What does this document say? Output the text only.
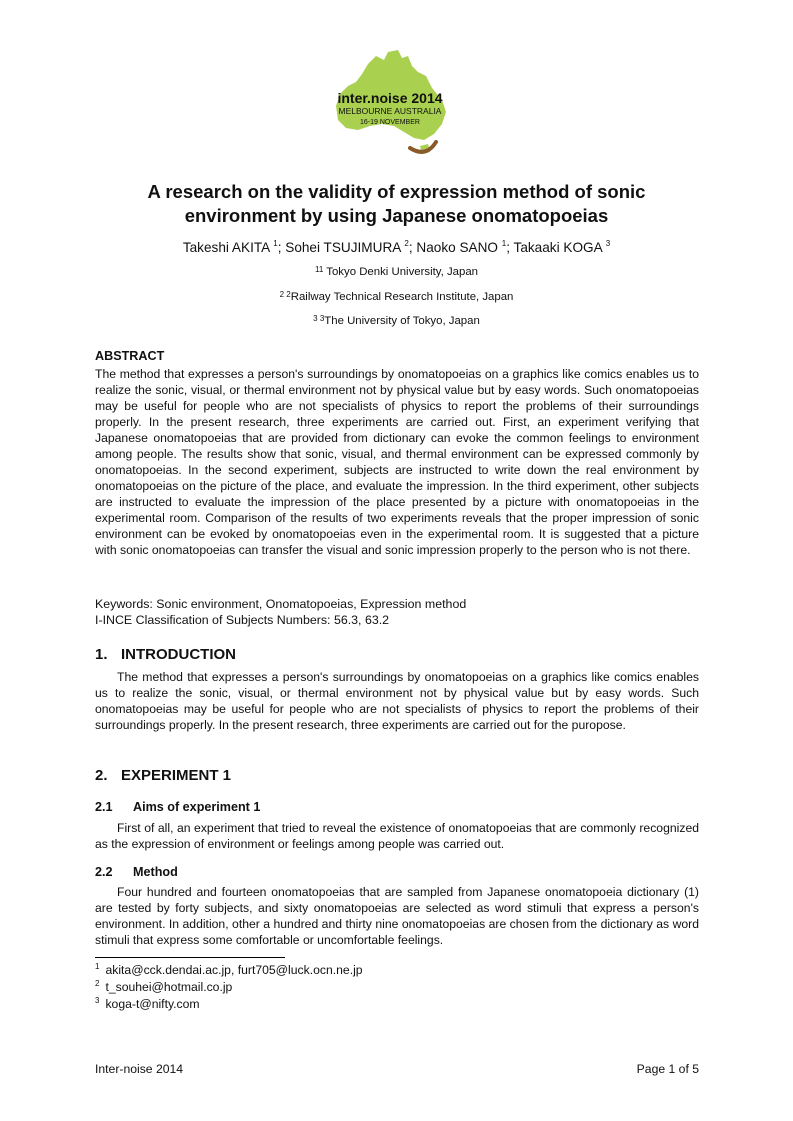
inter.noise 2014
MELBOURNE AUSTRALIA
16-19 NOVEMBER
A research on the validity of expression method of sonic
environment by using Japanese onomatopoeias
Takeshi AKITA $^1$; Sohei TSUJIMURA $^2$; Naoko SANO $^1$; Takaaki KOGA $^3$
$^{11}$ Tokyo Denki University, Japan
$^{2 2}$Railway Technical Research Institute, Japan
$^{3 3}$The University of Tokyo, Japan
ABSTRACT

The method that expresses a person's surroundings by onomatopoeias on a graphics like comics enables us to realize the sonic, visual, or thermal environment not by physical value but by easy words. Such onomatopoeias may be useful for people who are not specialists of physics to report the problems of their surroundings properly. In the present research, three experiments are carried out. First, an experiment verifying that Japanese onomatopoeias that are provided from dictionary can evoke the common feelings to environment among people. The results show that sonic, visual, and thermal environment can be expressed commonly by onomatopoeias. In the second experiment, subjects are instructed to write down the real environment by onomatopoeias on the picture of the place, and evaluate the impression. In the third experiment, other subjects are instructed to evaluate the impression of the place presented by a picture with onomatopoeias in the experimental room. Comparison of the results of two experiments reveals that the proper impression of sonic environment can be evoked by onomatopoeias even in the experimental room. It is suggested that a picture with sonic onomatopoeias can transfer the visual and sonic impression properly to the person who is not there.

Keywords: Sonic environment, Onomatopoeias, Expression method
I-INCE Classification of Subjects Numbers: 56.3, 63.2
1. INTRODUCTION

The method that expresses a person's surroundings by onomatopoeias on a graphics like comics enables us to realize the sonic, visual, or thermal environment not by physical value but by easy words. Such onomatopoeias may be useful for people who are not specialists of physics to report the problems of their surroundings properly. In the present research, three experiments are carried out for the puropose.

2. EXPERIMENT 1
2.1 Aims of experiment 1

First of all, an experiment that tried to reveal the existence of onomatopoeias that are commonly recognized as the expression of environment or feelings among people was carried out.

2.2 Method

Four hundred and fourteen onomatopoeias that are sampled from Japanese onomatopoeia dictionary (1) are tested by forty subjects, and sixty onomatopoeias are selected as word stimuli that express a person's environment. In addition, other a hundred and thirty nine onomatopoeias are chosen from the dictionary as word stimuli that express some comfortable or uncomfortable feelings.

$^1$ akita@cck.dendai.ac.jp, furt705@luck.ocn.ne.jp
$^2$ t_souhei@hotmail.co.jp
$^3$ koga-t@nifty.com
Inter-noise 2014	Page 1 of 5
